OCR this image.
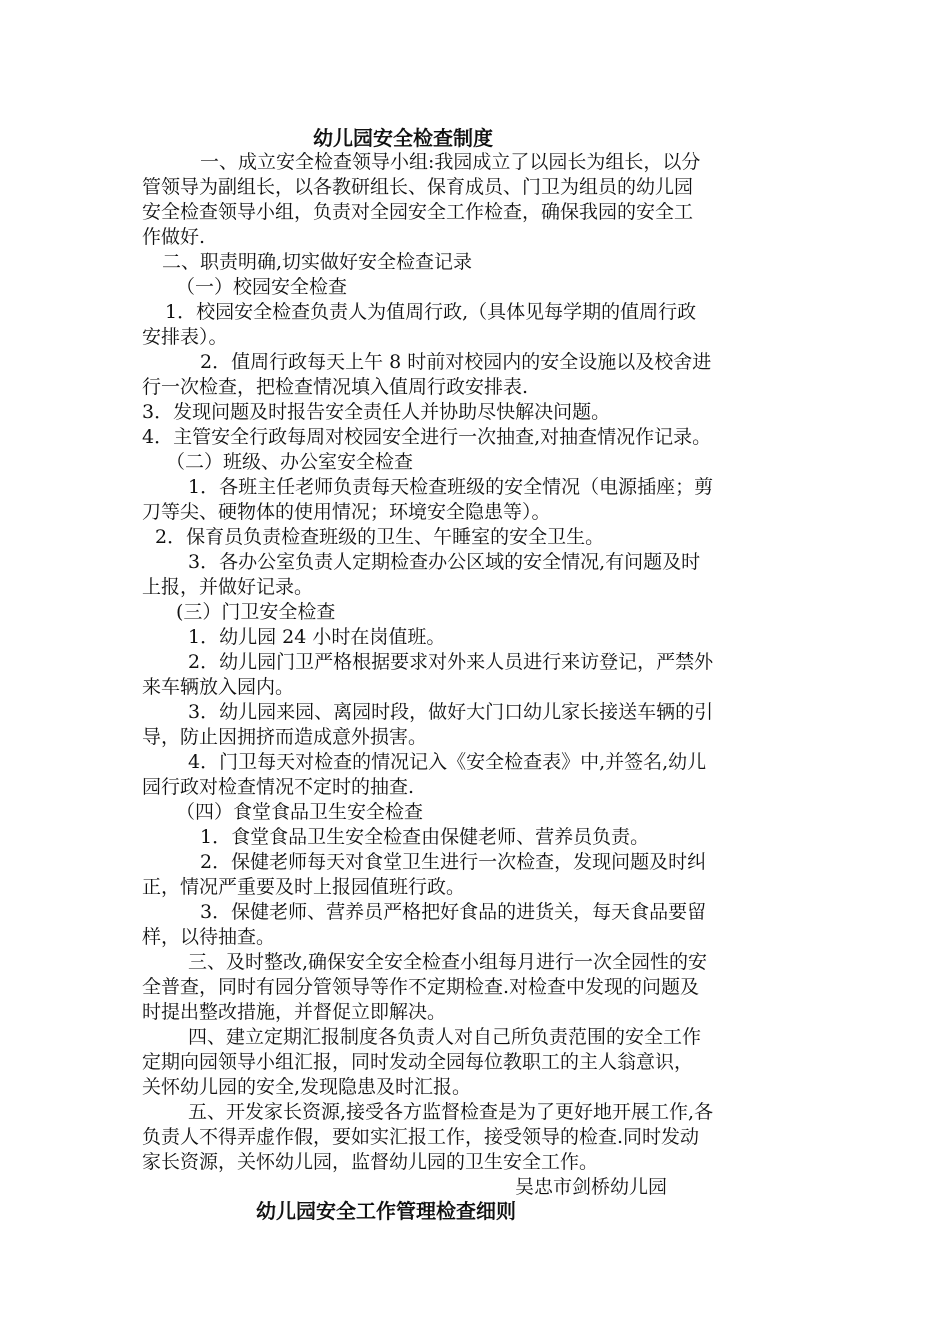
幼儿园安全检查制度
一、成立安全检查领导小组:我园成立了以园长为组长，以分
管领导为副组长，以各教研组长、保育成员、门卫为组员的幼儿园
安全检查领导小组，负责对全园安全工作检查，确保我园的安全工
作做好.
二、职责明确,切实做好安全检查记录
（一）校园安全检查
1．校园安全检查负责人为值周行政,（具体见每学期的值周行政
安排表）。
2．值周行政每天上午 8 时前对校园内的安全设施以及校舍进
行一次检查，把检查情况填入值周行政安排表.
3．发现问题及时报告安全责任人并协助尽快解决问题。
4．主管安全行政每周对校园安全进行一次抽查,对抽查情况作记录。
（二）班级、办公室安全检查
1．各班主任老师负责每天检查班级的安全情况（电源插座；剪
刀等尖、硬物体的使用情况；环境安全隐患等）。
2．保育员负责检查班级的卫生、午睡室的安全卫生。
3．各办公室负责人定期检查办公区域的安全情况,有问题及时
上报，并做好记录。
(三）门卫安全检查
1．幼儿园 24 小时在岗值班。
2．幼儿园门卫严格根据要求对外来人员进行来访登记，严禁外
来车辆放入园内。
3．幼儿园来园、离园时段，做好大门口幼儿家长接送车辆的引
导，防止因拥挤而造成意外损害。
4．门卫每天对检查的情况记入《安全检查表》中,并签名,幼儿
园行政对检查情况不定时的抽查.
（四）食堂食品卫生安全检查
1．食堂食品卫生安全检查由保健老师、营养员负责。
2．保健老师每天对食堂卫生进行一次检查，发现问题及时纠
正，情况严重要及时上报园值班行政。
3．保健老师、营养员严格把好食品的进货关，每天食品要留
样，以待抽查。
三、及时整改,确保安全安全检查小组每月进行一次全园性的安
全普查，同时有园分管领导等作不定期检查.对检查中发现的问题及
时提出整改措施，并督促立即解决。
四、建立定期汇报制度各负责人对自己所负责范围的安全工作
定期向园领导小组汇报，同时发动全园每位教职工的主人翁意识，
关怀幼儿园的安全,发现隐患及时汇报。
五、开发家长资源,接受各方监督检查是为了更好地开展工作,各
负责人不得弄虚作假，要如实汇报工作，接受领导的检查.同时发动
家长资源，关怀幼儿园，监督幼儿园的卫生安全工作。
吴忠市剑桥幼儿园
幼儿园安全工作管理检查细则
